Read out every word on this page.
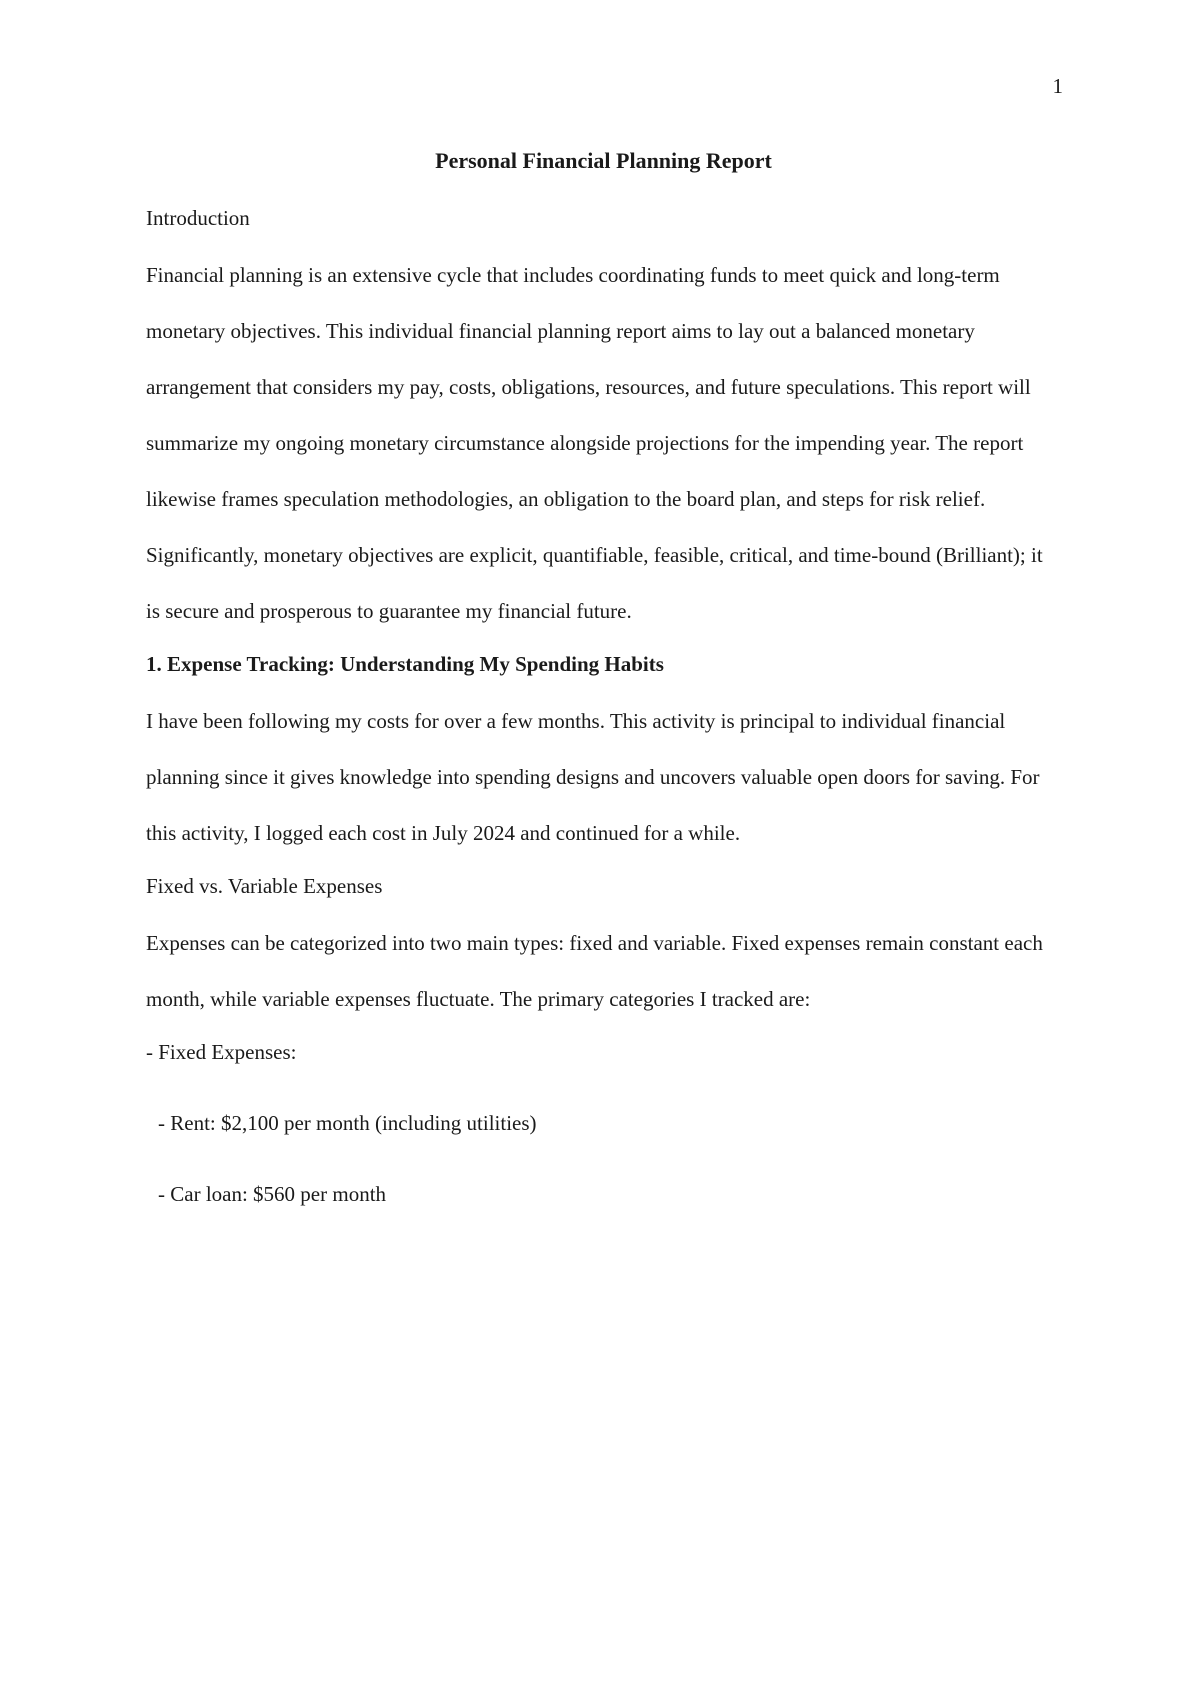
1
Personal Financial Planning Report
Introduction

Financial planning is an extensive cycle that includes coordinating funds to meet quick and long-term monetary objectives. This individual financial planning report aims to lay out a balanced monetary arrangement that considers my pay, costs, obligations, resources, and future speculations. This report will summarize my ongoing monetary circumstance alongside projections for the impending year. The report likewise frames speculation methodologies, an obligation to the board plan, and steps for risk relief. Significantly, monetary objectives are explicit, quantifiable, feasible, critical, and time-bound (Brilliant); it is secure and prosperous to guarantee my financial future.

1. Expense Tracking: Understanding My Spending Habits

I have been following my costs for over a few months. This activity is principal to individual financial planning since it gives knowledge into spending designs and uncovers valuable open doors for saving. For this activity, I logged each cost in July 2024 and continued for a while.

Fixed vs. Variable Expenses

Expenses can be categorized into two main types: fixed and variable. Fixed expenses remain constant each month, while variable expenses fluctuate. The primary categories I tracked are:

- Fixed Expenses:
- Rent: $2,100 per month (including utilities)
- Car loan: $560 per month
